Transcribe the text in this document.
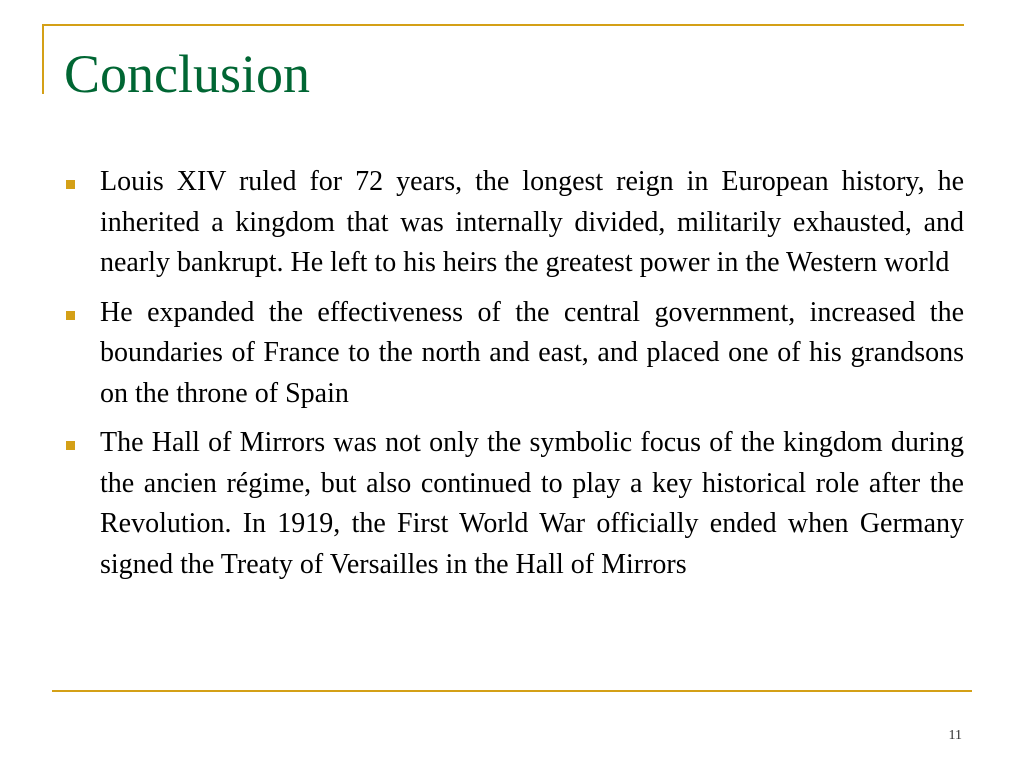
Conclusion
Louis XIV ruled for 72 years, the longest reign in European history, he inherited a kingdom that was internally divided, militarily exhausted, and nearly bankrupt. He left to his heirs the greatest power in the Western world
He expanded the effectiveness of the central government, increased the boundaries of France to the north and east, and placed one of his grandsons on the throne of Spain
The Hall of Mirrors was not only the symbolic focus of the kingdom during the ancien régime, but also continued to play a key historical role after the Revolution. In 1919, the First World War officially ended when Germany signed the Treaty of Versailles in the Hall of Mirrors
11
